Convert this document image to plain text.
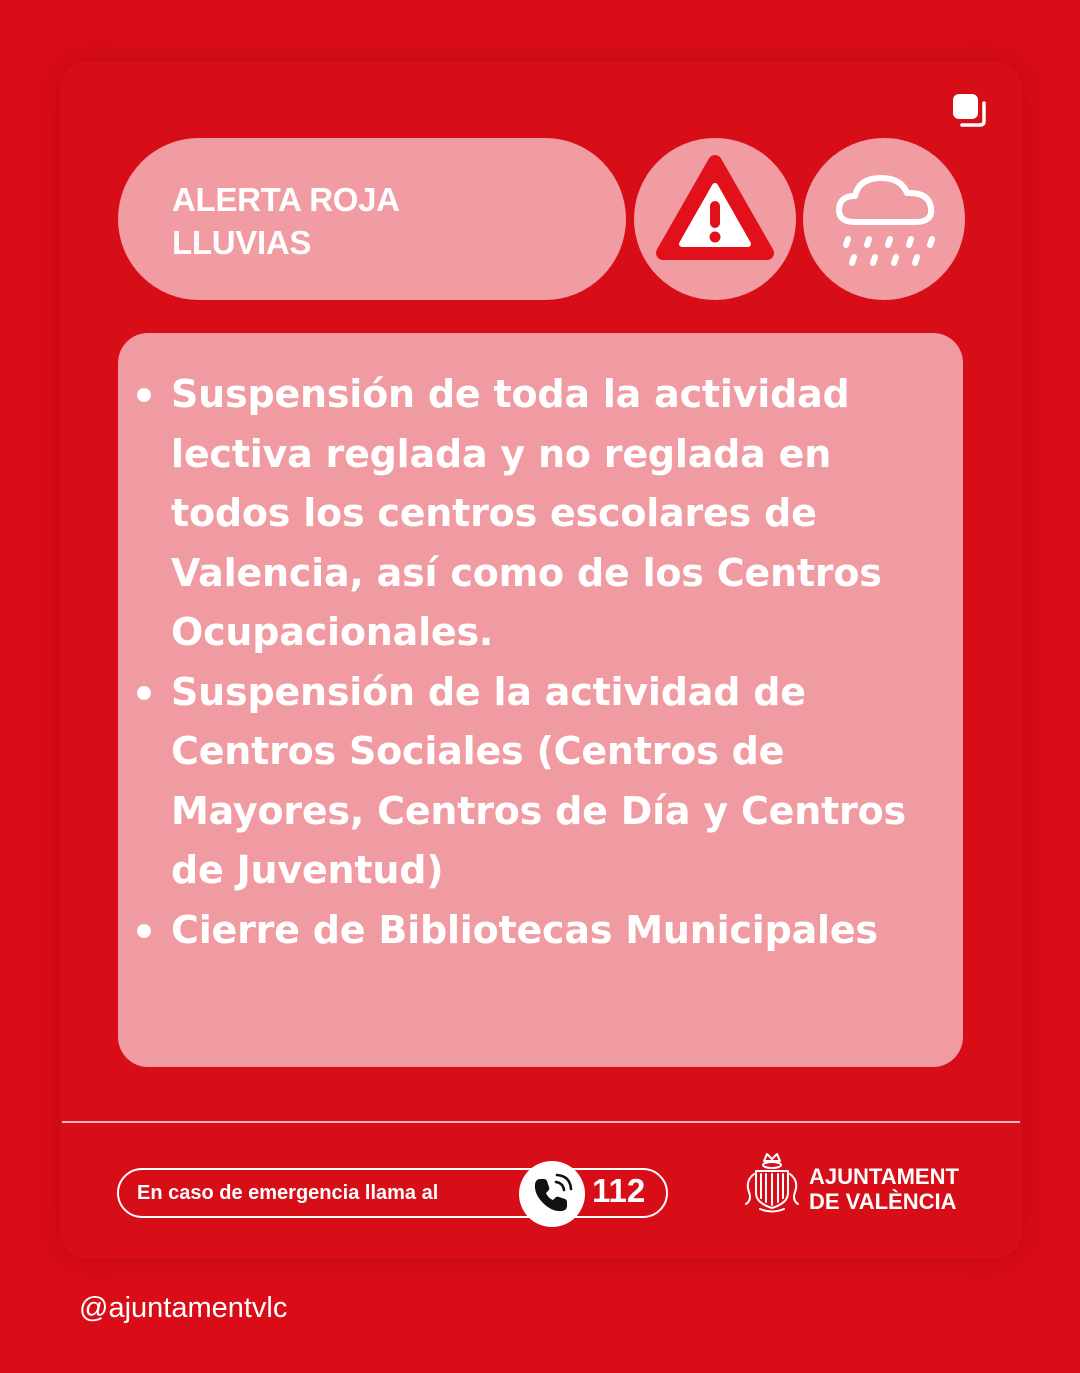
ALERTA ROJA
LLUVIAS
Suspensión de toda la actividad lectiva reglada y no reglada en todos los centros escolares de Valencia, así como de los Centros Ocupacionales.
Suspensión de la actividad de Centros Sociales (Centros de Mayores, Centros de Día y Centros de Juventud)
Cierre de Bibliotecas Municipales
En caso de emergencia llama al	112	AJUNTAMENT
DE VALÈNCIA
@ajuntamentvlc
